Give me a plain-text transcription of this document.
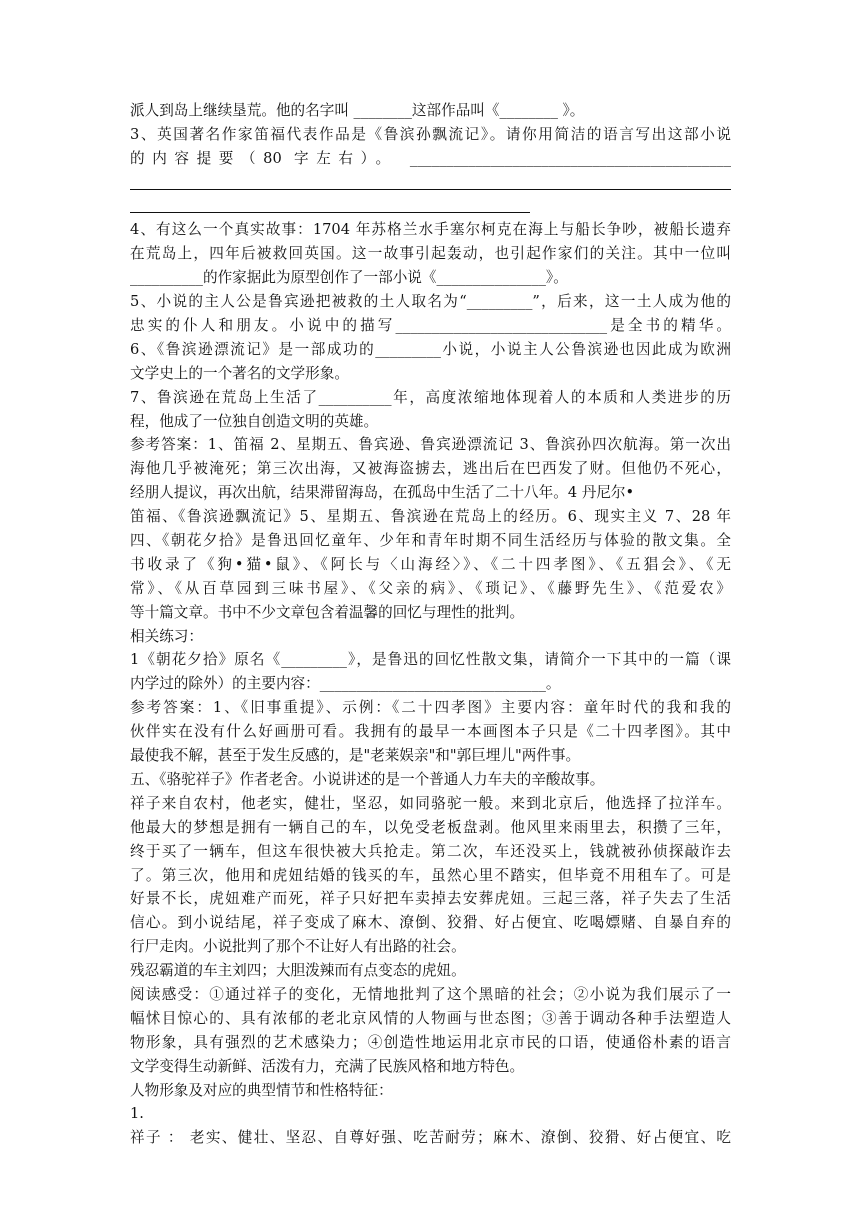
派人到岛上继续垦荒。他的名字叫 ________这部作品叫《________ 》。
3、英国著名作家笛福代表作品是《鲁滨孙飘流记》。请你用简洁的语言写出这部小说
的内容提要（80 字左右）。 ____________________________________________
4、有这么一个真实故事：1704 年苏格兰水手塞尔柯克在海上与船长争吵，被船长遗弃
在荒岛上，四年后被救回英国。这一故事引起轰动，也引起作家们的关注。其中一位叫
__________的作家据此为原型创作了一部小说《_______________》。
5、小说的主人公是鲁宾逊把被救的土人取名为“_________”，后来，这一土人成为他的
忠实的仆人和朋友。小说中的描写_____________________________是全书的精华。
6、《鲁滨逊漂流记》是一部成功的_________小说，小说主人公鲁滨逊也因此成为欧洲
文学史上的一个著名的文学形象。
7、鲁滨逊在荒岛上生活了__________年，高度浓缩地体现着人的本质和人类进步的历
程，他成了一位独自创造文明的英雄。
参考答案：1、笛福 2、星期五、鲁宾逊、鲁宾逊漂流记 3、鲁滨孙四次航海。第一次出
海他几乎被淹死；第三次出海，又被海盗掳去，逃出后在巴西发了财。但他仍不死心，
经朋人提议，再次出航，结果滞留海岛，在孤岛中生活了二十八年。4 丹尼尔•
笛福、《鲁滨逊飘流记》5、星期五、鲁滨逊在荒岛上的经历。6、现实主义 7、28 年
四、《朝花夕拾》是鲁迅回忆童年、少年和青年时期不同生活经历与体验的散文集。全
书收录了《狗•猫•鼠》、《阿长与〈山海经〉》、《二十四孝图》、《五猖会》、《无
常》、《从百草园到三味书屋》、《父亲的病》、《琐记》、《藤野先生》、《范爱农》
等十篇文章。书中不少文章包含着温馨的回忆与理性的批判。
相关练习：
1《朝花夕拾》原名《_________》，是鲁迅的回忆性散文集，请简介一下其中的一篇（课
内学过的除外）的主要内容：_______________________________。
参考答案：1、《旧事重提》、示例：《二十四孝图》主要内容：童年时代的我和我的
伙伴实在没有什么好画册可看。我拥有的最早一本画图本子只是《二十四孝图》。其中
最使我不解，甚至于发生反感的，是"老莱娱亲"和"郭巨埋儿"两件事。
五、《骆驼祥子》作者老舍。小说讲述的是一个普通人力车夫的辛酸故事。
祥子来自农村，他老实，健壮，坚忍，如同骆驼一般。来到北京后，他选择了拉洋车。
他最大的梦想是拥有一辆自己的车，以免受老板盘剥。他风里来雨里去，积攒了三年，
终于买了一辆车，但这车很快被大兵抢走。第二次，车还没买上，钱就被孙侦探敲诈去
了。第三次，他用和虎妞结婚的钱买的车，虽然心里不踏实，但毕竟不用租车了。可是
好景不长，虎妞难产而死，祥子只好把车卖掉去安葬虎妞。三起三落，祥子失去了生活
信心。到小说结尾，祥子变成了麻木、潦倒、狡猾、好占便宜、吃喝嫖赌、自暴自弃的
行尸走肉。小说批判了那个不让好人有出路的社会。
残忍霸道的车主刘四；大胆泼辣而有点变态的虎妞。
阅读感受：①通过祥子的变化，无情地批判了这个黑暗的社会；②小说为我们展示了一
幅怵目惊心的、具有浓郁的老北京风情的人物画与世态图；③善于调动各种手法塑造人
物形象，具有强烈的艺术感染力；④创造性地运用北京市民的口语，使通俗朴素的语言
文学变得生动新鲜、活泼有力，充满了民族风格和地方特色。
人物形象及对应的典型情节和性格特征：
1.
祥子 ： 老实、健壮、坚忍、自尊好强、吃苦耐劳；麻木、潦倒、狡猾、好占便宜、吃
